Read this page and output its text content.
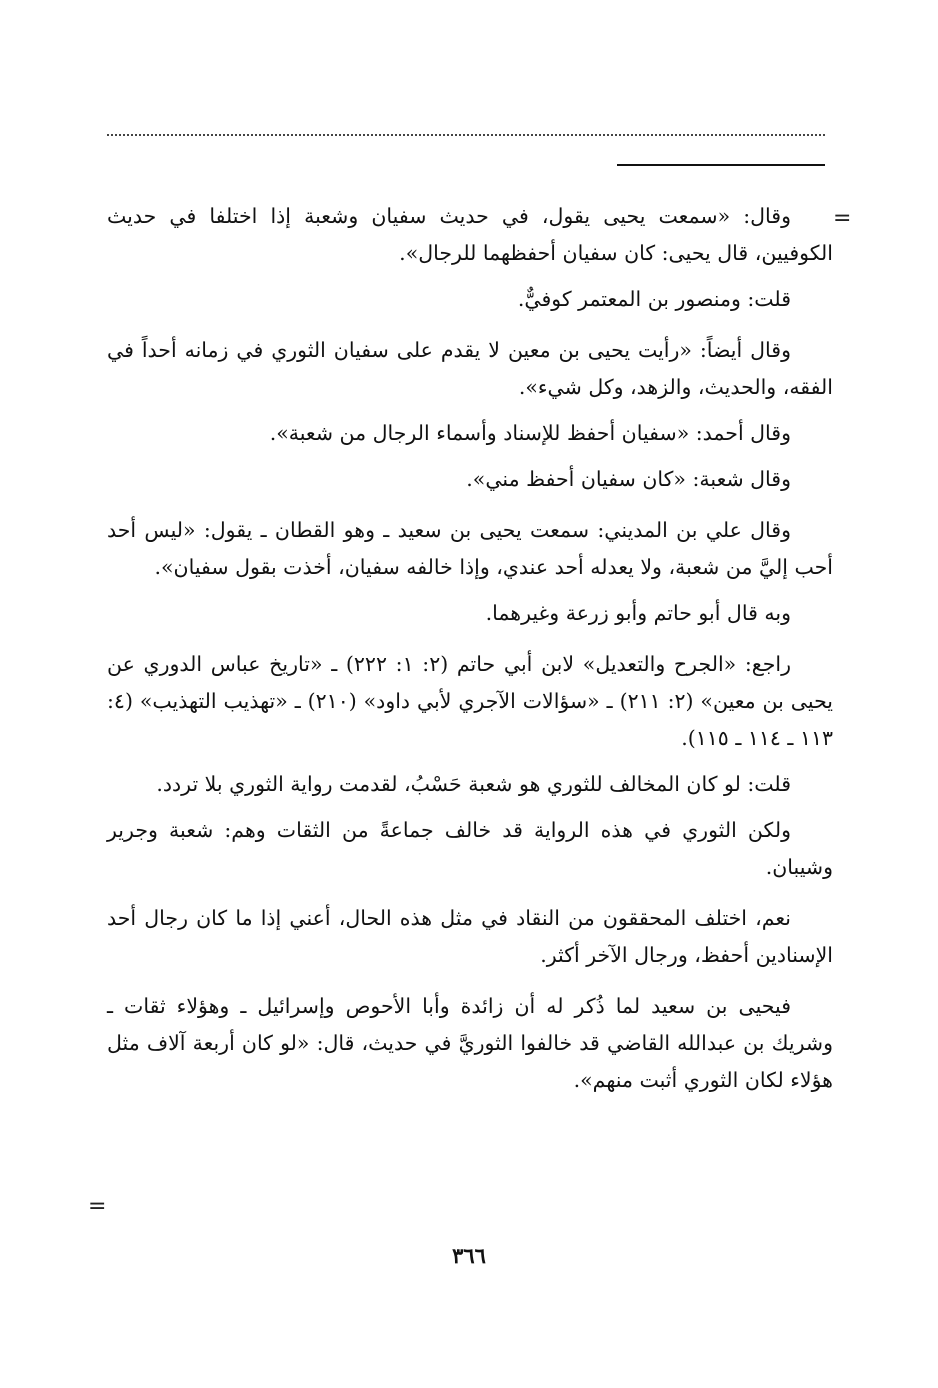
=

وقال: «سمعت يحيى يقول، في حديث سفيان وشعبة إذا اختلفا في حديث الكوفيين، قال يحيى: كان سفيان أحفظهما للرجال».

قلت: ومنصور بن المعتمر كوفيٌّ.

وقال أيضاً: «رأيت يحيى بن معين لا يقدم على سفيان الثوري في زمانه أحداً في الفقه، والحديث، والزهد، وكل شيء».

وقال أحمد: «سفيان أحفظ للإسناد وأسماء الرجال من شعبة».

وقال شعبة: «كان سفيان أحفظ مني».

وقال علي بن المديني: سمعت يحيى بن سعيد ـ وهو القطان ـ يقول: «ليس أحد أحب إليَّ من شعبة، ولا يعدله أحد عندي، وإذا خالفه سفيان، أخذت بقول سفيان».

وبه قال أبو حاتم وأبو زرعة وغيرهما.

راجع: «الجرح والتعديل» لابن أبي حاتم (٢: ١: ٢٢٢) ـ «تاريخ عباس الدوري عن يحيى بن معين» (٢: ٢١١) ـ «سؤالات الآجري لأبي داود» (٢١٠) ـ «تهذيب التهذيب» (٤: ١١٣ ـ ١١٤ ـ ١١٥).

قلت: لو كان المخالف للثوري هو شعبة حَسْبُ، لقدمت رواية الثوري بلا تردد.

ولكن الثوري في هذه الرواية قد خالف جماعةً من الثقات وهم: شعبة وجرير وشيبان.

نعم، اختلف المحققون من النقاد في مثل هذه الحال، أعني إذا ما كان رجال أحد الإسنادين أحفظ، ورجال الآخر أكثر.

فيحيى بن سعيد لما ذُكر له أن زائدة وأبا الأحوص وإسرائيل ـ وهؤلاء ثقات ـ وشريك بن عبدالله القاضي قد خالفوا الثوريَّ في حديث، قال: «لو كان أربعة آلاف مثل هؤلاء لكان الثوري أثبت منهم».

=
٣٦٦
